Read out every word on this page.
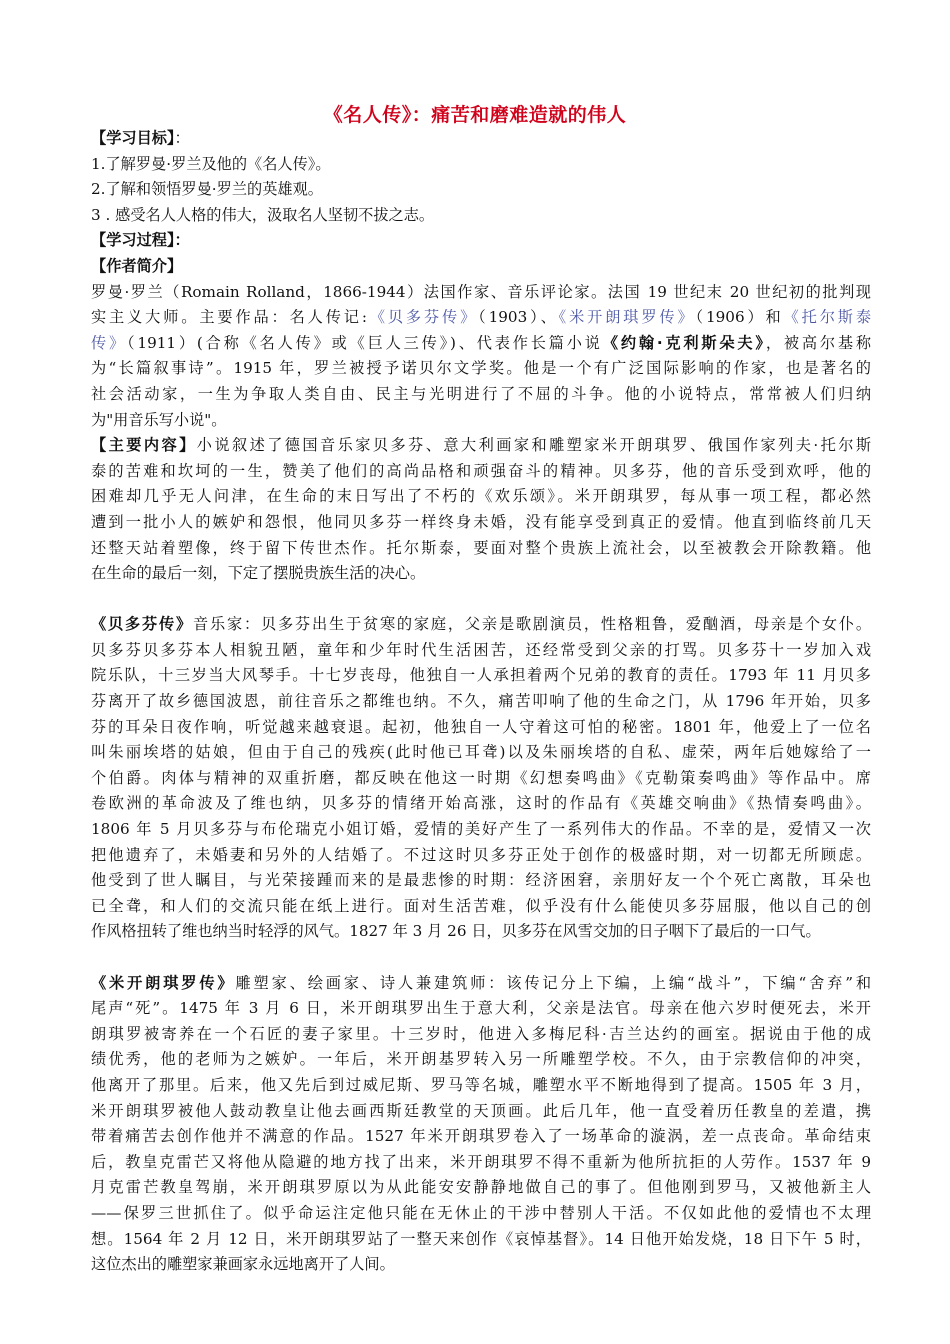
《名人传》：痛苦和磨难造就的伟人
【学习目标】：
1.了解罗曼·罗兰及他的《名人传》。
2.了解和领悟罗曼·罗兰的英雄观。
3 . 感受名人人格的伟大，汲取名人坚韧不拔之志。
【学习过程】：
【作者简介】
罗曼·罗兰（Romain Rolland，1866-1944）法国作家、音乐评论家。法国 19 世纪末 20 世纪初的批判现
实主义大师。主要作品：名人传记:《贝多芬传》（1903）、《米开朗琪罗传》（1906）和《托尔斯泰
传》（1911）(合称《名人传》或《巨人三传》)、代表作长篇小说《约翰·克利斯朵夫》，被高尔基称
为“长篇叙事诗”。1915 年，罗兰被授予诺贝尔文学奖。他是一个有广泛国际影响的作家，也是著名的
社会活动家，一生为争取人类自由、民主与光明进行了不屈的斗争。他的小说特点，常常被人们归纳
为"用音乐写小说"。
【主要内容】小说叙述了德国音乐家贝多芬、意大利画家和雕塑家米开朗琪罗、俄国作家列夫·托尔斯
泰的苦难和坎坷的一生，赞美了他们的高尚品格和顽强奋斗的精神。贝多芬，他的音乐受到欢呼，他的
困难却几乎无人问津，在生命的末日写出了不朽的《欢乐颂》。米开朗琪罗，每从事一项工程，都必然
遭到一批小人的嫉妒和怨恨，他同贝多芬一样终身未婚，没有能享受到真正的爱情。他直到临终前几天
还整天站着塑像，终于留下传世杰作。托尔斯泰，要面对整个贵族上流社会，以至被教会开除教籍。他
在生命的最后一刻，下定了摆脱贵族生活的决心。
《贝多芬传》音乐家：贝多芬出生于贫寒的家庭，父亲是歌剧演员，性格粗鲁，爱酗酒，母亲是个女仆。
贝多芬贝多芬本人相貌丑陋，童年和少年时代生活困苦，还经常受到父亲的打骂。贝多芬十一岁加入戏
院乐队，十三岁当大风琴手。十七岁丧母，他独自一人承担着两个兄弟的教育的责任。1793 年 11 月贝多
芬离开了故乡德国波恩，前往音乐之都维也纳。不久，痛苦叩响了他的生命之门，从 1796 年开始，贝多
芬的耳朵日夜作响，听觉越来越衰退。起初，他独自一人守着这可怕的秘密。1801 年，他爱上了一位名
叫朱丽埃塔的姑娘，但由于自己的残疾(此时他已耳聋)以及朱丽埃塔的自私、虚荣，两年后她嫁给了一
个伯爵。肉体与精神的双重折磨，都反映在他这一时期《幻想奏鸣曲》《克勒策奏鸣曲》等作品中。席
卷欧洲的革命波及了维也纳，贝多芬的情绪开始高涨，这时的作品有《英雄交响曲》《热情奏鸣曲》。
1806 年 5 月贝多芬与布伦瑞克小姐订婚，爱情的美好产生了一系列伟大的作品。不幸的是，爱情又一次
把他遗弃了，未婚妻和另外的人结婚了。不过这时贝多芬正处于创作的极盛时期，对一切都无所顾虑。
他受到了世人瞩目，与光荣接踵而来的是最悲惨的时期：经济困窘，亲朋好友一个个死亡离散，耳朵也
已全聋，和人们的交流只能在纸上进行。面对生活苦难，似乎没有什么能使贝多芬屈服，他以自己的创
作风格扭转了维也纳当时轻浮的风气。1827 年 3 月 26 日，贝多芬在风雪交加的日子咽下了最后的一口气。
《米开朗琪罗传》雕塑家、绘画家、诗人兼建筑师：该传记分上下编，上编“战斗”，下编“舍弃”和
尾声“死”。1475 年 3 月 6 日，米开朗琪罗出生于意大利，父亲是法官。母亲在他六岁时便死去，米开
朗琪罗被寄养在一个石匠的妻子家里。十三岁时，他进入多梅尼科·吉兰达约的画室。据说由于他的成
绩优秀，他的老师为之嫉妒。一年后，米开朗基罗转入另一所雕塑学校。不久，由于宗教信仰的冲突，
他离开了那里。后来，他又先后到过威尼斯、罗马等名城，雕塑水平不断地得到了提高。1505 年 3 月，
米开朗琪罗被他人鼓动教皇让他去画西斯廷教堂的天顶画。此后几年，他一直受着历任教皇的差遣，携
带着痛苦去创作他并不满意的作品。1527 年米开朗琪罗卷入了一场革命的漩涡，差一点丧命。革命结束
后，教皇克雷芒又将他从隐避的地方找了出来，米开朗琪罗不得不重新为他所抗拒的人劳作。1537 年 9
月克雷芒教皇驾崩，米开朗琪罗原以为从此能安安静静地做自己的事了。但他刚到罗马，又被他新主人
——保罗三世抓住了。似乎命运注定他只能在无休止的干涉中替别人干活。不仅如此他的爱情也不太理
想。1564 年 2 月 12 日，米开朗琪罗站了一整天来创作《哀悼基督》。14 日他开始发烧，18 日下午 5 时，
这位杰出的雕塑家兼画家永远地离开了人间。
